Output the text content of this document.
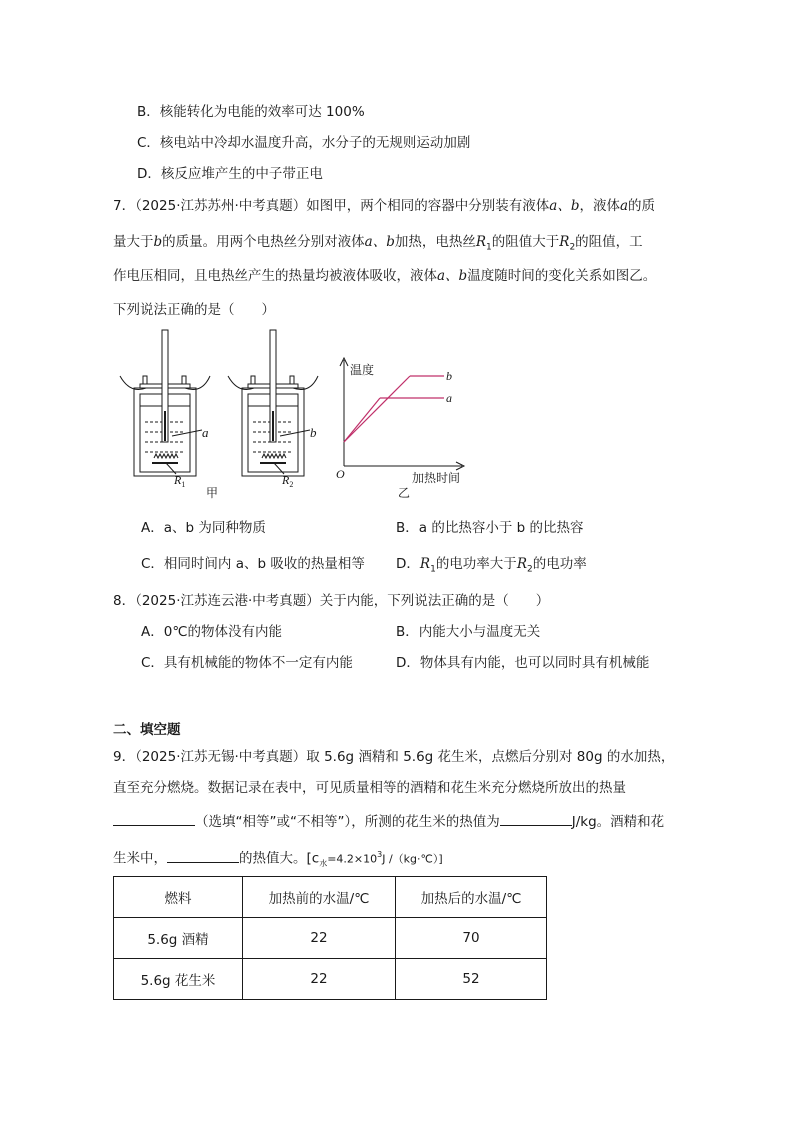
B．核能转化为电能的效率可达 100%
C．核电站中冷却水温度升高，水分子的无规则运动加剧
D．核反应堆产生的中子带正电
7．（2025·江苏苏州·中考真题）如图甲，两个相同的容器中分别装有液体a、b，液体a的质
量大于b的质量。用两个电热丝分别对液体a、b加热，电热丝$R_1$的阻值大于$R_2$的阻值，工
作电压相同，且电热丝产生的热量均被液体吸收，液体a、b温度随时间的变化关系如图乙。
下列说法正确的是（　　）
a
$R_1$
甲
b
$R_2$
温度	b
a
O	加热时间
乙
A．a、b 为同种物质	B．a 的比热容小于 b 的比热容
C．相同时间内 a、b 吸收的热量相等 D．$R_1$的电功率大于$R_2$的电功率
8．（2025·江苏连云港·中考真题）关于内能，下列说法正确的是（　　）
A．0℃的物体没有内能	B．内能大小与温度无关
C．具有机械能的物体不一定有内能	D．物体具有内能，也可以同时具有机械能
二、填空题
9．（2025·江苏无锡·中考真题）取 5.6g 酒精和 5.6g 花生米，点燃后分别对 80g 的水加热，
直至充分燃烧。数据记录在表中，可见质量相等的酒精和花生米充分燃烧所放出的热量
（选填“相等”或“不相等”），所测的花生米的热值为	J/kg。酒精和花
生米中，	的热值大。[$c_水=4.2\times 10^3J$ /（kg·℃）]
燃料	加热前的水温/℃	加热后的水温/℃
5.6g 酒精	22	70
5.6g 花生米	22	52
